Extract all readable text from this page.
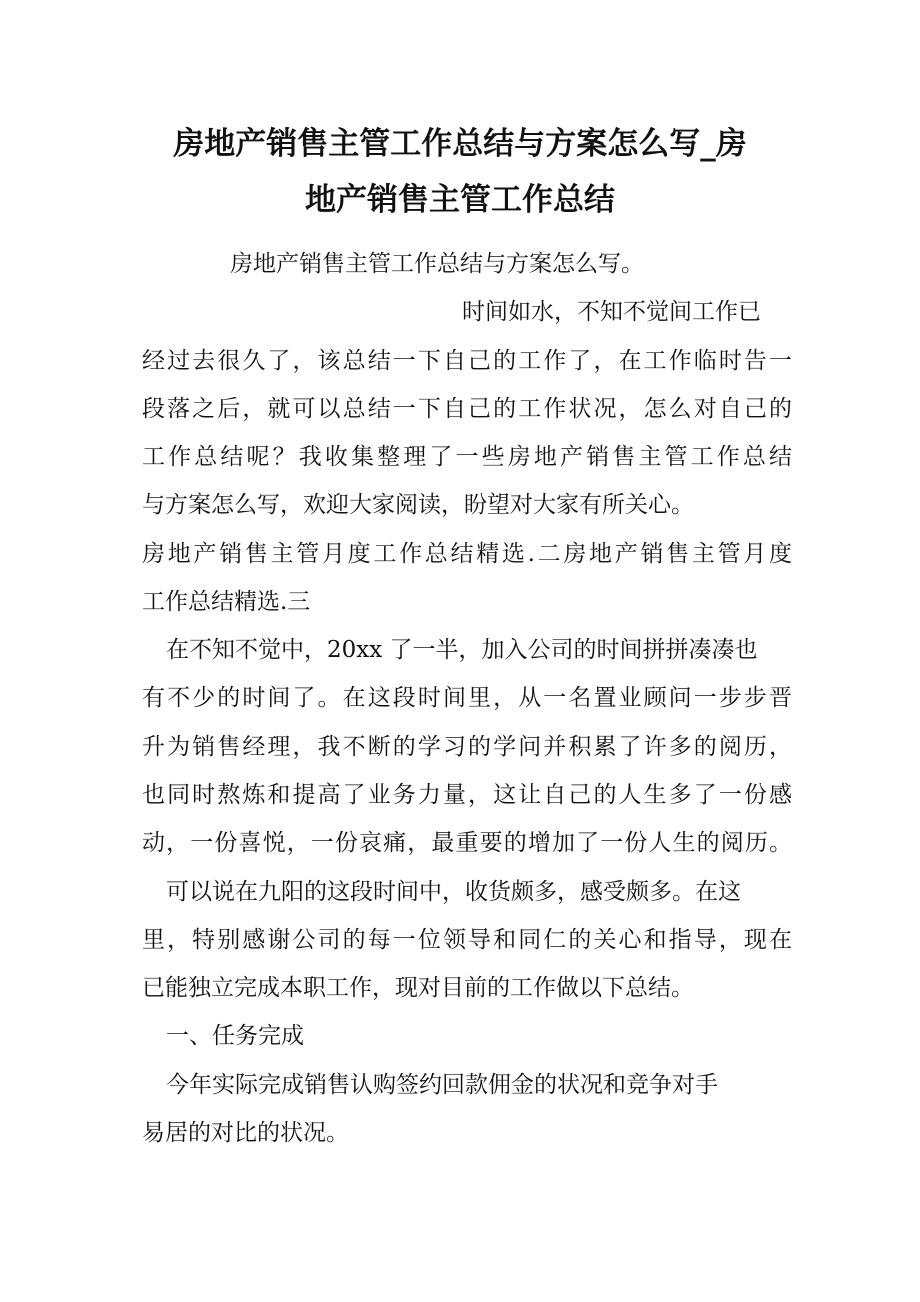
房地产销售主管工作总结与方案怎么写_房
地产销售主管工作总结

房地产销售主管工作总结与方案怎么写。

时间如水，不知不觉间工作已

经过去很久了，该总结一下自己的工作了，在工作临时告一

段落之后，就可以总结一下自己的工作状况，怎么对自己的

工作总结呢？我收集整理了一些房地产销售主管工作总结

与方案怎么写，欢迎大家阅读，盼望对大家有所关心。

房地产销售主管月度工作总结精选.二房地产销售主管月度

工作总结精选.三

在不知不觉中，20xx 了一半，加入公司的时间拼拼凑凑也

有不少的时间了。在这段时间里，从一名置业顾问一步步晋

升为销售经理，我不断的学习的学问并积累了许多的阅历，

也同时熬炼和提高了业务力量，这让自己的人生多了一份感

动，一份喜悦，一份哀痛，最重要的增加了一份人生的阅历。

可以说在九阳的这段时间中，收货颇多，感受颇多。在这

里，特别感谢公司的每一位领导和同仁的关心和指导，现在

已能独立完成本职工作，现对目前的工作做以下总结。

一、任务完成

今年实际完成销售认购签约回款佣金的状况和竞争对手

易居的对比的状况。
